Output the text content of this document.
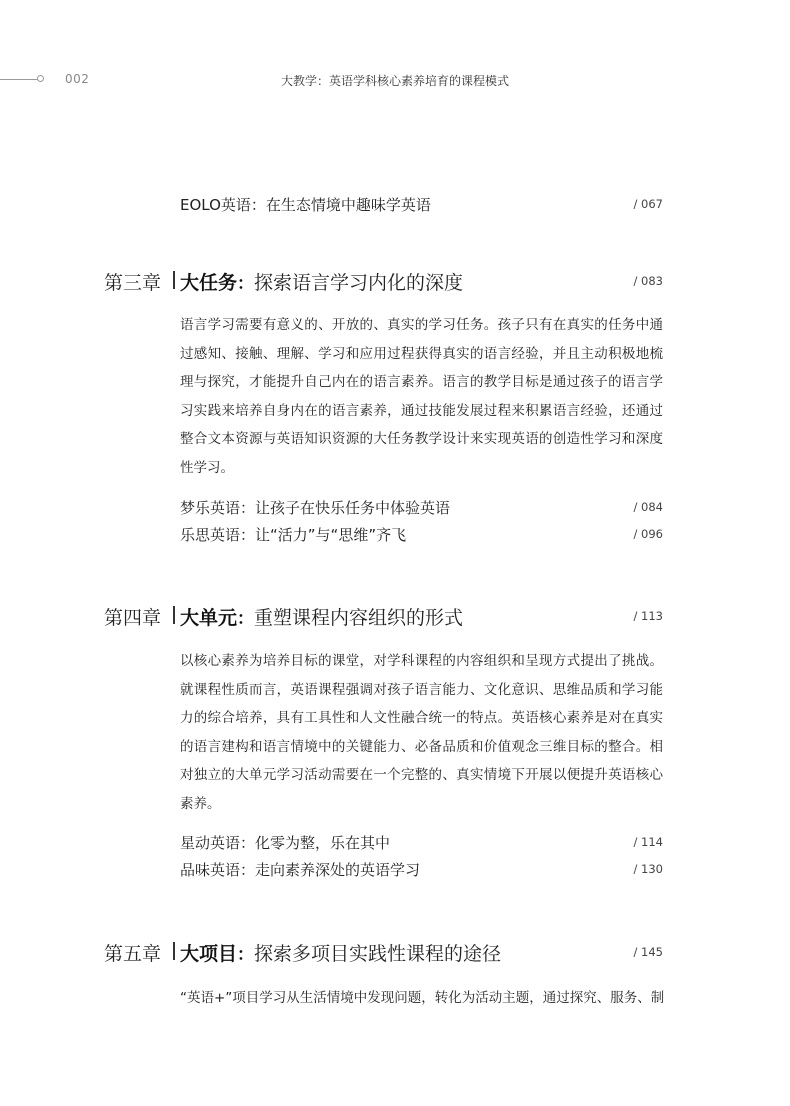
002	大教学：英语学科核心素养培育的课程模式
EOLO英语：在生态情境中趣味学英语	/ 067
第三章 大任务：探索语言学习内化的深度	/ 083
语言学习需要有意义的、开放的、真实的学习任务。孩子只有在真实的任务中通过感知、接触、理解、学习和应用过程获得真实的语言经验，并且主动积极地梳理与探究，才能提升自己内在的语言素养。语言的教学目标是通过孩子的语言学习实践来培养自身内在的语言素养，通过技能发展过程来积累语言经验，还通过整合文本资源与英语知识资源的大任务教学设计来实现英语的创造性学习和深度性学习。
梦乐英语：让孩子在快乐任务中体验英语	/ 084
乐思英语：让“活力”与“思维”齐飞	/ 096
第四章 大单元：重塑课程内容组织的形式	/ 113
以核心素养为培养目标的课堂，对学科课程的内容组织和呈现方式提出了挑战。就课程性质而言，英语课程强调对孩子语言能力、文化意识、思维品质和学习能力的综合培养，具有工具性和人文性融合统一的特点。英语核心素养是对在真实的语言建构和语言情境中的关键能力、必备品质和价值观念三维目标的整合。相对独立的大单元学习活动需要在一个完整的、真实情境下开展以便提升英语核心素养。
星动英语：化零为整，乐在其中	/ 114
品味英语：走向素养深处的英语学习	/ 130
第五章 大项目：探索多项目实践性课程的途径	/ 145
“英语+”项目学习从生活情境中发现问题，转化为活动主题，通过探究、服务、制
